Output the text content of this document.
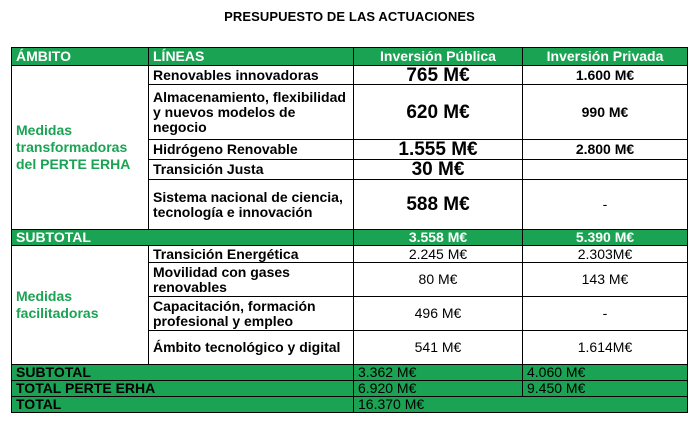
PRESUPUESTO DE LAS ACTUACIONES
ÁMBITO	LÍNEAS	Inversión Pública	Inversión Privada
Medidas transformadoras del PERTE ERHA	Renovables innovadoras	765 M€	1.600 M€
	Almacenamiento, flexibilidad y nuevos modelos de negocio	620 M€	990 M€
	Hidrógeno Renovable	1.555 M€	2.800 M€
	Transición Justa	30 M€	
	Sistema nacional de ciencia, tecnología e innovación	588 M€	-
SUBTOTAL		3.558 M€	5.390 M€
Medidas facilitadoras	Transición Energética	2.245 M€	2.303M€
	Movilidad con gases renovables	80 M€	143 M€
	Capacitación, formación profesional y empleo	496 M€	-
	Ámbito tecnológico y digital	541 M€	1.614M€
SUBTOTAL		3.362 M€	4.060 M€
TOTAL PERTE ERHA		6.920 M€	9.450 M€
TOTAL		16.370 M€	
